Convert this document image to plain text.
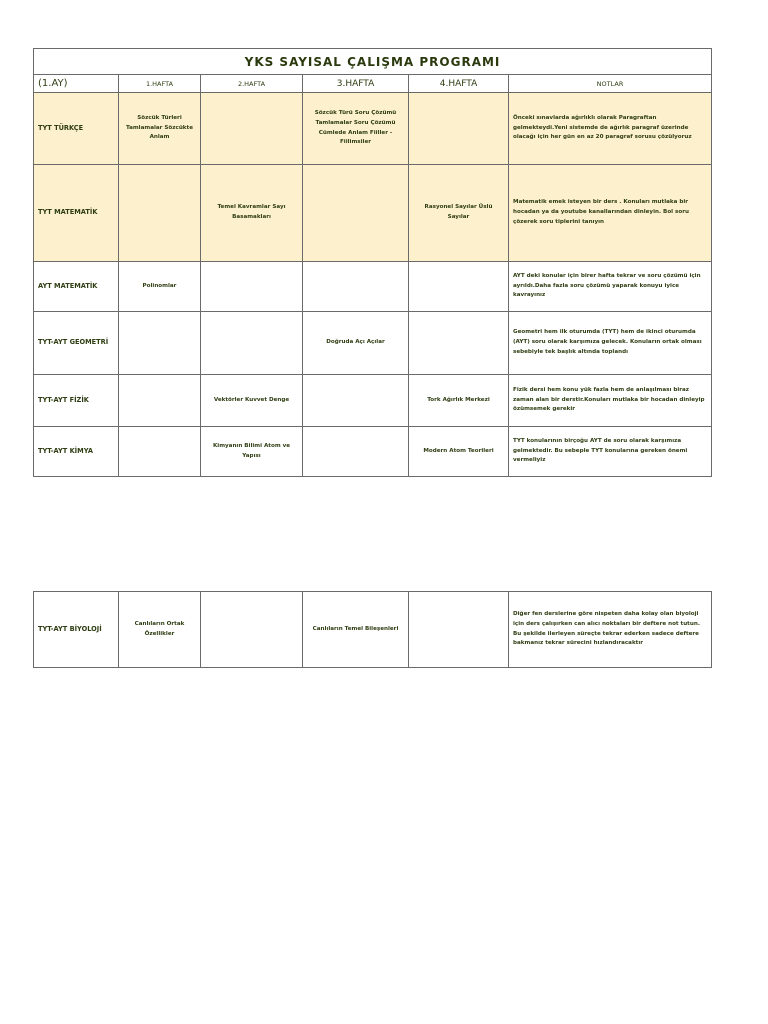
YKS SAYISAL ÇALIŞMA PROGRAMI					
(1.AY)	1.HAFTA	2.HAFTA	3.HAFTA	4.HAFTA	NOTLAR
TYT TÜRKÇE	Sözcük Türleri Tamlamalar Sözcükte Anlam		Sözcük Türü Soru Çözümü Tamlamalar Soru Çözümü Cümlede Anlam Fiiller - Fiilimsiler		Önceki sınavlarda ağırlıklı olarak Paragraftan gelmekteydi.Yeni sistemde de ağırlık paragraf üzerinde olacağı için her gün en az 20 paragraf sorusu çözülyoruz
TYT MATEMATİK		Temel Kavramlar Sayı Basamakları		Rasyonel Sayılar Üslü Sayılar	Matematik emek isteyen bir ders . Konuları mutlaka bir hocadan ya da youtube kanallarından dinleyin. Bol soru çözerek soru tiplerini tanıyın
AYT MATEMATİK	Polinomlar				AYT deki konular için birer hafta tekrar ve soru çözümü için ayrıldı.Daha fazla soru çözümü yaparak konuyu iyice kavrayınız
TYT-AYT GEOMETRİ			Doğruda Açı Açılar		Geometri hem ilk oturumda (TYT) hem de ikinci oturumda (AYT) soru olarak karşımıza gelecek. Konuların ortak olması sebebiyle tek başlık altında toplandı
TYT-AYT FİZİK		Vektörler Kuvvet Denge		Tork Ağırlık Merkezi	Fizik dersi hem konu yük fazla hem de anlaşılması biraz zaman alan bir derstir.Konuları mutlaka bir hocadan dinleyip özümsemek gerekir
TYT-AYT KİMYA		Kimyanın Bilimi Atom ve Yapısı		Modern Atom Teorileri	TYT konularının birçoğu AYT de soru olarak karşımıza gelmektedir. Bu sebeple TYT konularına gereken önemi vermeliyiz
TYT-AYT BİYOLOJİ	Canlıların Ortak Özellikler		Canlıların Temel Bileşenleri		Diğer fen derslerine göre nispeten daha kolay olan biyoloji için ders çalışırken can alıcı noktaları bir deftere not tutun. Bu şekilde ilerleyen süreçte tekrar ederken sadece deftere bakmanız tekrar sürecini hızlandıracaktır
